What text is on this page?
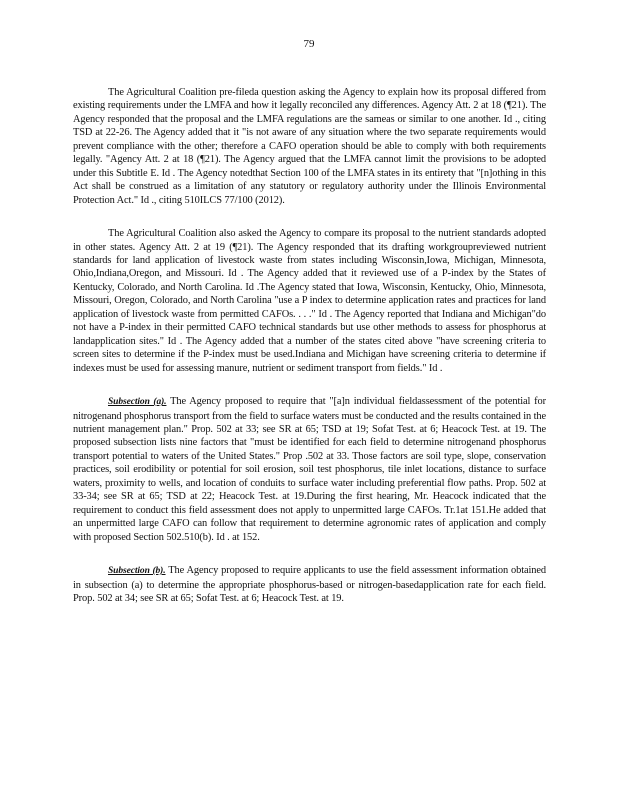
79

The Agricultural Coalition pre-fileda question asking the Agency to explain how its proposal differed from existing requirements under the LMFA and how it legally reconciled any differences. Agency Att. 2 at 18 (¶21). The Agency responded that the proposal and the LMFA regulations are the sameas or similar to one another. Id ., citing TSD at 22-26. The Agency added that it "is not aware of any situation where the two separate requirements would prevent compliance with the other; therefore a CAFO operation should be able to comply with both requirements legally. "Agency Att. 2 at 18 (¶21). The Agency argued that the LMFA cannot limit the provisions to be adopted under this Subtitle E. Id . The Agency notedthat Section 100 of the LMFA states in its entirety that "[n]othing in this Act shall be construed as a limitation of any statutory or regulatory authority under the Illinois Environmental Protection Act." Id ., citing 510ILCS 77/100 (2012).

The Agricultural Coalition also asked the Agency to compare its proposal to the nutrient standards adopted in other states. Agency Att. 2 at 19 (¶21). The Agency responded that its drafting workgroupreviewed nutrient standards for land application of livestock waste from states including Wisconsin,Iowa, Michigan, Minnesota, Ohio,Indiana,Oregon, and Missouri. Id . The Agency added that it reviewed use of a P-index by the States of Kentucky, Colorado, and North Carolina. Id .The Agency stated that Iowa, Wisconsin, Kentucky, Ohio, Minnesota, Missouri, Oregon, Colorado, and North Carolina "use a P index to determine application rates and practices for land application of livestock waste from permitted CAFOs. . . ." Id . The Agency reported that Indiana and Michigan"do not have a P-index in their permitted CAFO technical standards but use other methods to assess for phosphorus at landapplication sites." Id . The Agency added that a number of the states cited above "have screening criteria to screen sites to determine if the P-index must be used.Indiana and Michigan have screening criteria to determine if indexes must be used for assessing manure, nutrient or sediment transport from fields." Id .

Subsection (a). The Agency proposed to require that "[a]n individual fieldassessment of the potential for nitrogenand phosphorus transport from the field to surface waters must be conducted and the results contained in the nutrient management plan." Prop. 502 at 33; see SR at 65; TSD at 19; Sofat Test. at 6; Heacock Test. at 19. The proposed subsection lists nine factors that "must be identified for each field to determine nitrogenand phosphorus transport potential to waters of the United States." Prop .502 at 33. Those factors are soil type, slope, conservation practices, soil erodibility or potential for soil erosion, soil test phosphorus, tile inlet locations, distance to surface waters, proximity to wells, and location of conduits to surface water including preferential flow paths. Prop. 502 at 33-34; see SR at 65; TSD at 22; Heacock Test. at 19.During the first hearing, Mr. Heacock indicated that the requirement to conduct this field assessment does not apply to unpermitted large CAFOs. Tr.1at 151.He added that an unpermitted large CAFO can follow that requirement to determine agronomic rates of application and comply with proposed Section 502.510(b). Id . at 152.

Subsection (b). The Agency proposed to require applicants to use the field assessment information obtained in subsection (a) to determine the appropriate phosphorus-based or nitrogen-basedapplication rate for each field. Prop. 502 at 34; see SR at 65; Sofat Test. at 6; Heacock Test. at 19.
